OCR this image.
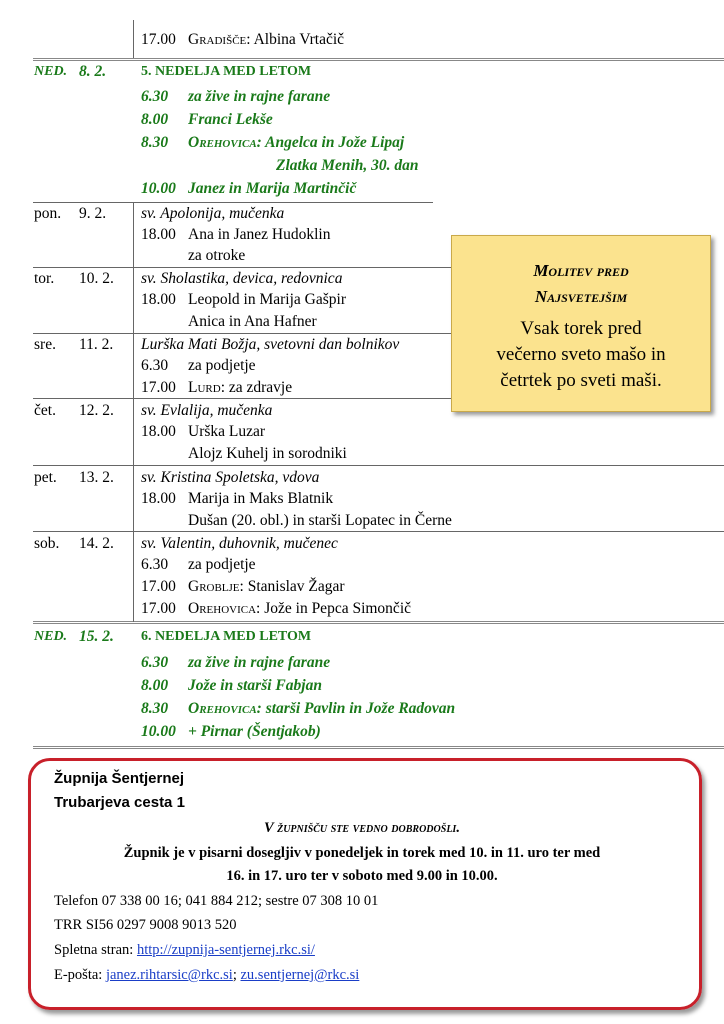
17.00 Gradišče: Albina Vrtačič
NED. 8. 2. 5. NEDELJA MED LETOM
6.30 za žive in rajne farane
8.00 Franci Lekše
8.30 Orehovica: Angelca in Jože Lipaj
Zlatka Menih, 30. dan
10.00 Janez in Marija Martinčič
pon. 9. 2. sv. Apolonija, mučenka
18.00 Ana in Janez Hudoklin
za otroke
tor. 10. 2. sv. Sholastika, devica, redovnica
18.00 Leopold in Marija Gašpir
Anica in Ana Hafner
sre. 11. 2. Lurška Mati Božja, svetovni dan bolnikov
6.30 za podjetje
17.00 Lurd: za zdravje
čet. 12. 2. sv. Evlalija, mučenka
18.00 Urška Luzar
Alojz Kuhelj in sorodniki
pet. 13. 2. sv. Kristina Spoletska, vdova
18.00 Marija in Maks Blatnik
Dušan (20. obl.) in starši Lopatec in Černe
sob. 14. 2. sv. Valentin, duhovnik, mučenec
6.30 za podjetje
17.00 Groblje: Stanislav Žagar
17.00 Orehovica: Jože in Pepca Simončič
NED. 15. 2. 6. NEDELJA MED LETOM
6.30 za žive in rajne farane
8.00 Jože in starši Fabjan
8.30 Orehovica: starši Pavlin in Jože Radovan
10.00 + Pirnar (Šentjakob)
Molitev pred
Najsvetejšim
Vsak torek pred
večerno sveto mašo in
četrtek po sveti maši.
Župnija Šentjernej
Trubarjeva cesta 1
V župnišču ste vedno dobrodošli.
Župnik je v pisarni dosegljiv v ponedeljek in torek med 10. in 11. uro ter med
16. in 17. uro ter v soboto med 9.00 in 10.00.
Telefon 07 338 00 16; 041 884 212; sestre 07 308 10 01
TRR SI56 0297 9008 9013 520
Spletna stran: http://zupnija-sentjernej.rkc.si/
E-pošta: janez.rihtarsic@rkc.si; zu.sentjernej@rkc.si
